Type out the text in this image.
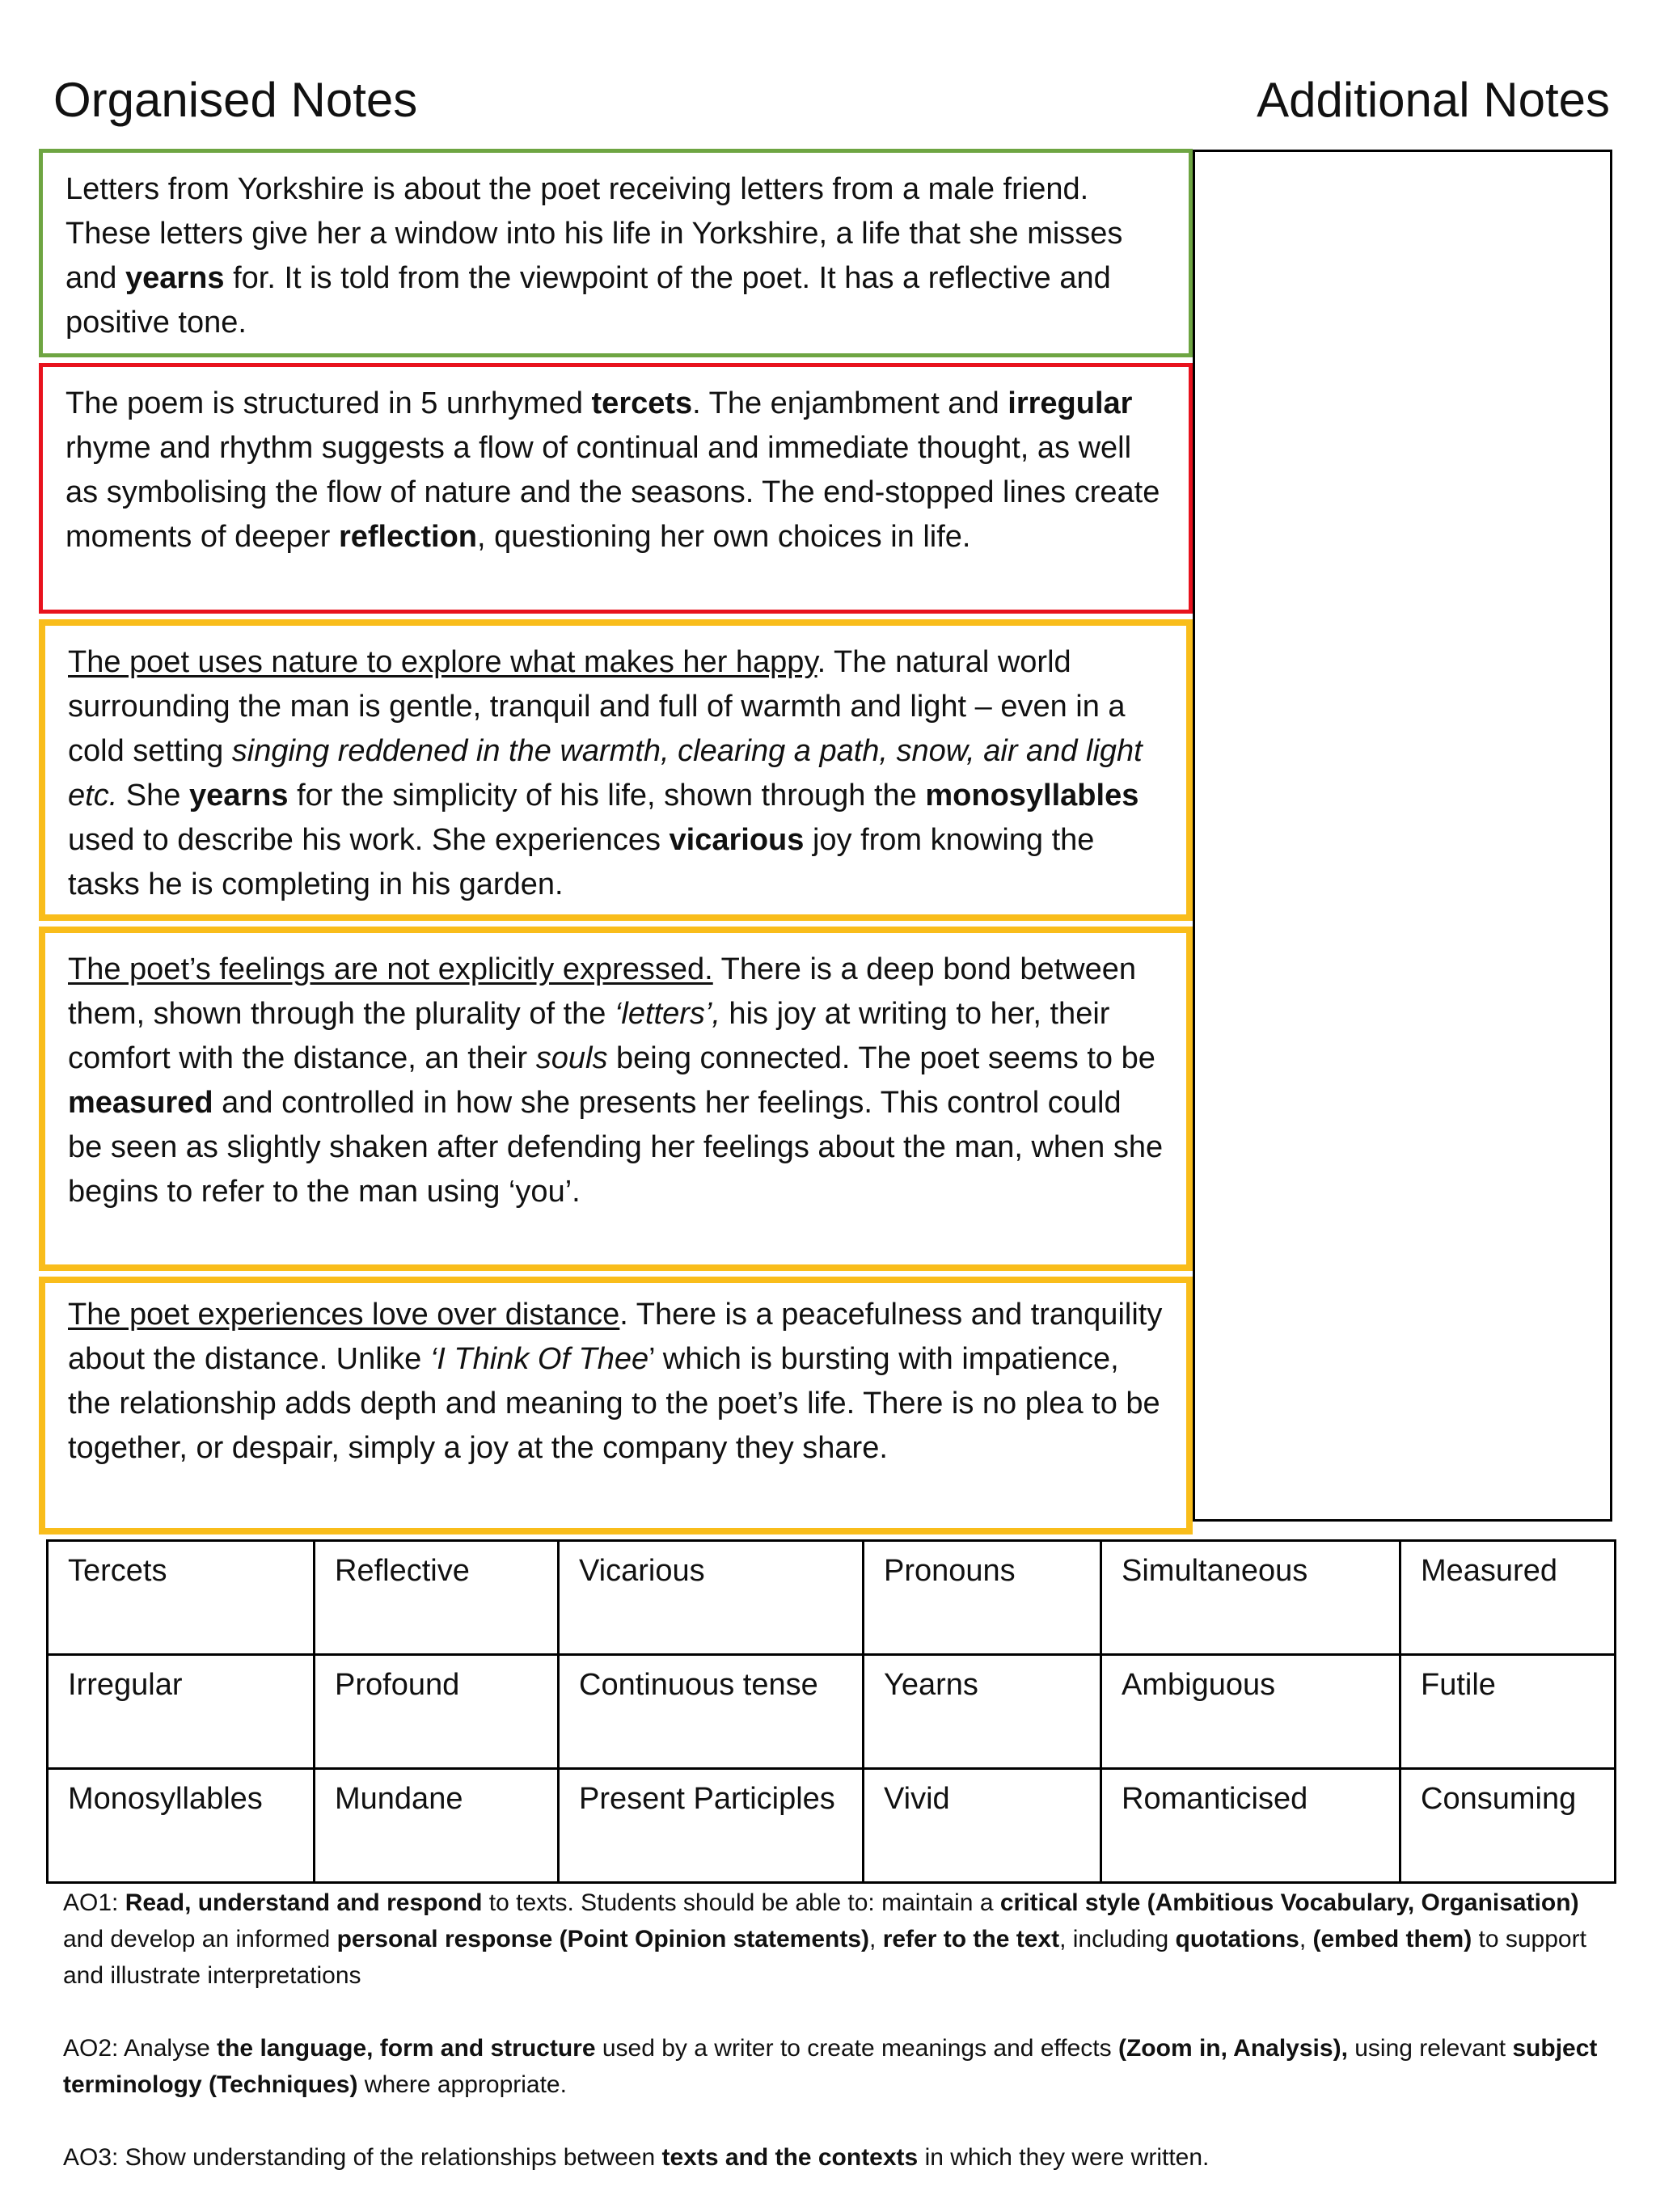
Organised Notes	Additional Notes

Letters from Yorkshire is about the poet receiving letters from a male friend. These letters give her a window into his life in Yorkshire, a life that she misses and yearns for. It is told from the viewpoint of the poet. It has a reflective and positive tone.

The poem is structured in 5 unrhymed tercets. The enjambment and irregular rhyme and rhythm suggests a flow of continual and immediate thought, as well as symbolising the flow of nature and the seasons. The end-stopped lines create moments of deeper reflection, questioning her own choices in life.

The poet uses nature to explore what makes her happy. The natural world surrounding the man is gentle, tranquil and full of warmth and light – even in a cold setting singing reddened in the warmth, clearing a path, snow, air and light etc. She yearns for the simplicity of his life, shown through the monosyllables used to describe his work. She experiences vicarious joy from knowing the tasks he is completing in his garden.

The poet’s feelings are not explicitly expressed. There is a deep bond between them, shown through the plurality of the ‘letters’, his joy at writing to her, their comfort with the distance, an their souls being connected. The poet seems to be measured and controlled in how she presents her feelings. This control could be seen as slightly shaken after defending her feelings about the man, when she begins to refer to the man using ‘you’.

The poet experiences love over distance. There is a peacefulness and tranquility about the distance. Unlike ‘I Think Of Thee’ which is bursting with impatience, the relationship adds depth and meaning to the poet’s life. There is no plea to be together, or despair, simply a joy at the company they share.

Tercets	Reflective	Vicarious	Pronouns	Simultaneous	Measured
Irregular	Profound	Continuous tense	Yearns	Ambiguous	Futile
Monosyllables	Mundane	Present Participles	Vivid	Romanticised	Consuming

AO1: Read, understand and respond to texts. Students should be able to: maintain a critical style (Ambitious Vocabulary, Organisation) and develop an informed personal response (Point Opinion statements), refer to the text, including quotations, (embed them) to support and illustrate interpretations

AO2: Analyse the language, form and structure used by a writer to create meanings and effects (Zoom in, Analysis), using relevant subject terminology (Techniques) where appropriate.

AO3: Show understanding of the relationships between texts and the contexts in which they were written.
